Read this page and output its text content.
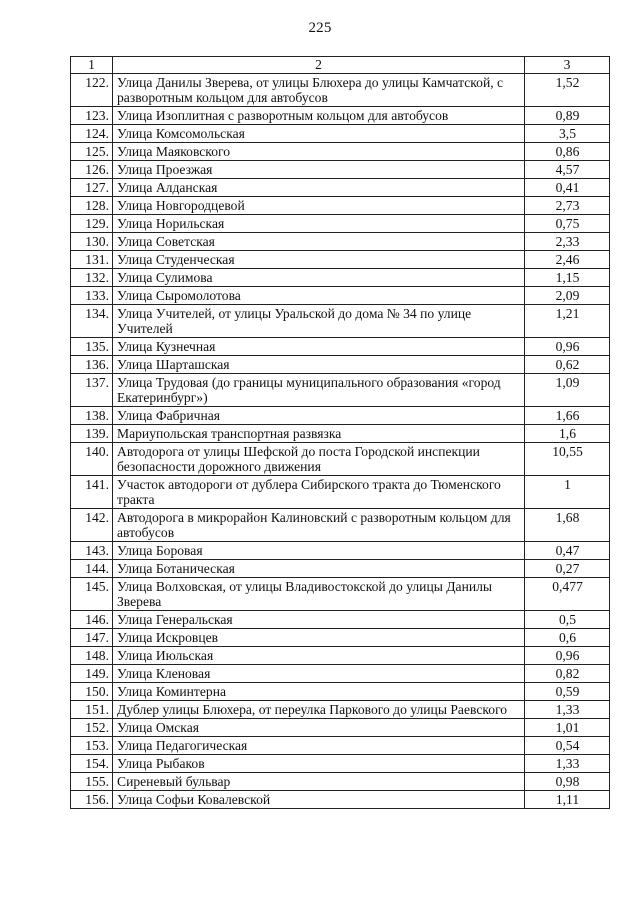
225
1	2	3
122.	Улица Данилы Зверева, от улицы Блюхера до улицы Камчатской, с разворотным кольцом для автобусов	1,52
123.	Улица Изоплитная с разворотным кольцом для автобусов	0,89
124.	Улица Комсомольская	3,5
125.	Улица Маяковского	0,86
126.	Улица Проезжая	4,57
127.	Улица Алданская	0,41
128.	Улица Новгородцевой	2,73
129.	Улица Норильская	0,75
130.	Улица Советская	2,33
131.	Улица Студенческая	2,46
132.	Улица Сулимова	1,15
133.	Улица Сыромолотова	2,09
134.	Улица Учителей, от улицы Уральской до дома № 34 по улице Учителей	1,21
135.	Улица Кузнечная	0,96
136.	Улица Шарташская	0,62
137.	Улица Трудовая (до границы муниципального образования «город Екатеринбург»)	1,09
138.	Улица Фабричная	1,66
139.	Мариупольская транспортная развязка	1,6
140.	Автодорога от улицы Шефской до поста Городской инспекции безопасности дорожного движения	10,55
141.	Участок автодороги от дублера Сибирского тракта до Тюменского тракта	1
142.	Автодорога в микрорайон Калиновский с разворотным кольцом для автобусов	1,68
143.	Улица Боровая	0,47
144.	Улица Ботаническая	0,27
145.	Улица Волховская, от улицы Владивостокской до улицы Данилы Зверева	0,477
146.	Улица Генеральская	0,5
147.	Улица Искровцев	0,6
148.	Улица Июльская	0,96
149.	Улица Кленовая	0,82
150.	Улица Коминтерна	0,59
151.	Дублер улицы Блюхера, от переулка Паркового до улицы Раевского	1,33
152.	Улица Омская	1,01
153.	Улица Педагогическая	0,54
154.	Улица Рыбаков	1,33
155.	Сиреневый бульвар	0,98
156.	Улица Софьи Ковалевской	1,11
